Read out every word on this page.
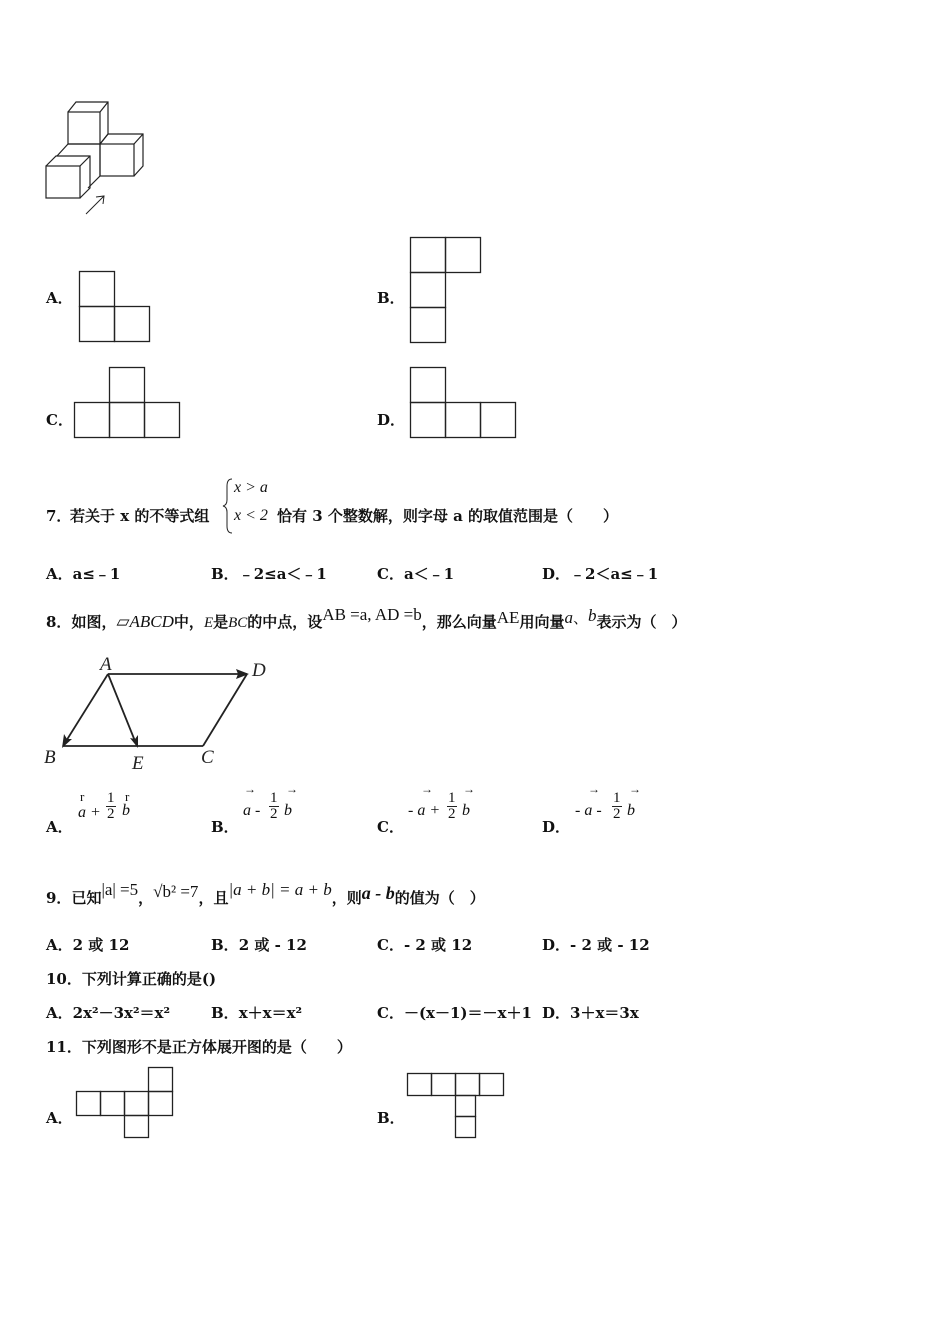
A．	B．
C．	D．
7．
若关于 x 的不等式组
x > a
x < 2 恰有 3 个整数解，则字母 a 的取值范围是（　　）
A．a≤﹣1	B．﹣2≤a＜﹣1	C．a＜﹣1	D．﹣2＜a≤﹣1
8．如图，▱ABCD中，E是BC的中点，设AB =a, AD =b，那么向量AE用向量a、b表示为（　）
A
B	C
D
E
A．
r	r
$a + \frac{1}{2}$ b
B．
→	→
a - $\frac{1}{2}$ b
C．
→	→
- $a + \frac{1}{2}$ b
D．
→ →
- a - $\frac{1}{2}$ b
9．已知|a| =5，√b² =7，且|a + b| = a + b，则a - b的值为（　）
A．2 或 12	B．2 或 - 12	C．- 2 或 12	D．- 2 或 - 12
10．下列计算正确的是()
A．2x²－3x²＝x²	B．x＋x＝x²	C．－(x－1)＝－x＋1 D．3＋x＝3x
11．下列图形不是正方体展开图的是（　　）
A．	B．
